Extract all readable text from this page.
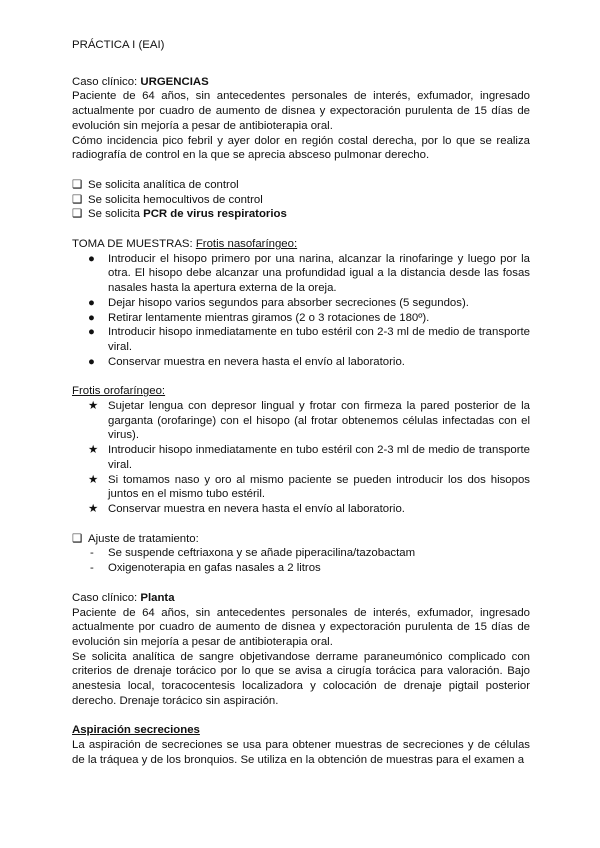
PRÁCTICA I (EAI)

Caso clínico: URGENCIAS

Paciente de 64 años, sin antecedentes personales de interés, exfumador, ingresado actualmente por cuadro de aumento de disnea y expectoración purulenta de 15 días de evolución sin mejoría a pesar de antibioterapia oral.

Cómo incidencia pico febril y ayer dolor en región costal derecha, por lo que se realiza radiografía de control en la que se aprecia absceso pulmonar derecho.

❑ Se solicita analítica de control
❑ Se solicita hemocultivos de control
❑ Se solicita PCR de virus respiratorios

TOMA DE MUESTRAS: Frotis nasofaríngeo:

●	Introducir el hisopo primero por una narina, alcanzar la rinofaringe y luego por la otra. El hisopo debe alcanzar una profundidad igual a la distancia desde las fosas nasales hasta la apertura externa de la oreja.
●	Dejar hisopo varios segundos para absorber secreciones (5 segundos).
●	Retirar lentamente mientras giramos (2 o 3 rotaciones de 180º).
●	Introducir hisopo inmediatamente en tubo estéril con 2-3 ml de medio de transporte viral.
●	Conservar muestra en nevera hasta el envío al laboratorio.

Frotis orofaríngeo:

★ Sujetar lengua con depresor lingual y frotar con firmeza la pared posterior de la garganta (orofaringe) con el hisopo (al frotar obtenemos células infectadas con el virus).
★ Introducir hisopo inmediatamente en tubo estéril con 2-3 ml de medio de transporte viral.
★ Si tomamos naso y oro al mismo paciente se pueden introducir los dos hisopos juntos en el mismo tubo estéril.
★ Conservar muestra en nevera hasta el envío al laboratorio.
❑ Ajuste de tratamiento:
-	Se suspende ceftriaxona y se añade piperacilina/tazobactam
-	Oxigenoterapia en gafas nasales a 2 litros

Caso clínico: Planta

Paciente de 64 años, sin antecedentes personales de interés, exfumador, ingresado actualmente por cuadro de aumento de disnea y expectoración purulenta de 15 días de evolución sin mejoría a pesar de antibioterapia oral.

Se solicita analítica de sangre objetivandose derrame paraneumónico complicado con criterios de drenaje torácico por lo que se avisa a cirugía torácica para valoración. Bajo anestesia local, toracocentesis localizadora y colocación de drenaje pigtail posterior derecho. Drenaje torácico sin aspiración.

Aspiración secreciones

La aspiración de secreciones se usa para obtener muestras de secreciones y de células de la tráquea y de los bronquios. Se utiliza en la obtención de muestras para el examen a
